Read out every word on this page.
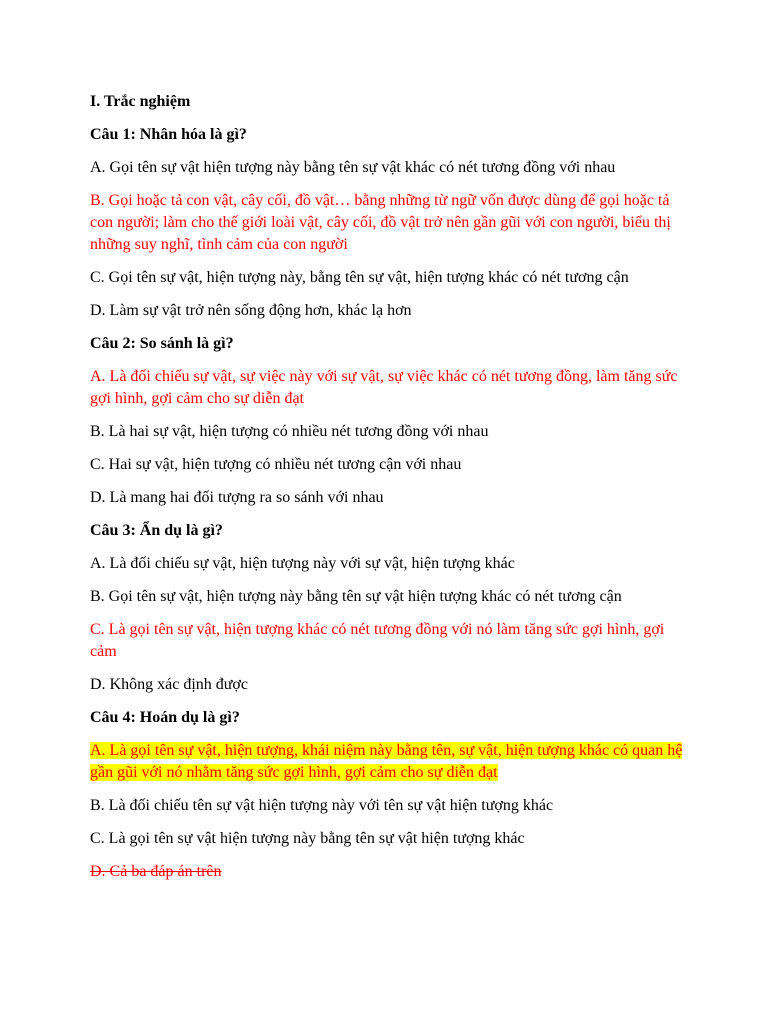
I. Trắc nghiệm

Câu 1: Nhân hóa là gì?

A. Gọi tên sự vật hiện tượng này bằng tên sự vật khác có nét tương đồng với nhau

B. Gọi hoặc tả con vật, cây cối, đồ vật… bằng những từ ngữ vốn được dùng để gọi hoặc tả con người; làm cho thế giới loài vật, cây cối, đồ vật trở nên gần gũi với con người, biểu thị những suy nghĩ, tình cảm của con người

C. Gọi tên sự vật, hiện tượng này, bằng tên sự vật, hiện tượng khác có nét tương cận

D. Làm sự vật trở nên sống động hơn, khác lạ hơn

Câu 2: So sánh là gì?

A. Là đối chiếu sự vật, sự việc này với sự vật, sự việc khác có nét tương đồng, làm tăng sức gợi hình, gợi cảm cho sự diễn đạt

B. Là hai sự vật, hiện tượng có nhiều nét tương đồng với nhau

C. Hai sự vật, hiện tượng có nhiều nét tương cận với nhau

D. Là mang hai đối tượng ra so sánh với nhau

Câu 3: Ẩn dụ là gì?

A. Là đối chiếu sự vật, hiện tượng này với sự vật, hiện tượng khác

B. Gọi tên sự vật, hiện tượng này bằng tên sự vật hiện tượng khác có nét tương cận

C. Là gọi tên sự vật, hiện tượng khác có nét tương đồng với nó làm tăng sức gợi hình, gợi cảm

D. Không xác định được

Câu 4: Hoán dụ là gì?

A. Là gọi tên sự vật, hiện tượng, khái niệm này bằng tên, sự vật, hiện tượng khác có quan hệ gần gũi với nó nhằm tăng sức gợi hình, gợi cảm cho sự diễn đạt

B. Là đối chiếu tên sự vật hiện tượng này với tên sự vật hiện tượng khác

C. Là gọi tên sự vật hiện tượng này bằng tên sự vật hiện tượng khác

D. Cả ba đáp án trên
